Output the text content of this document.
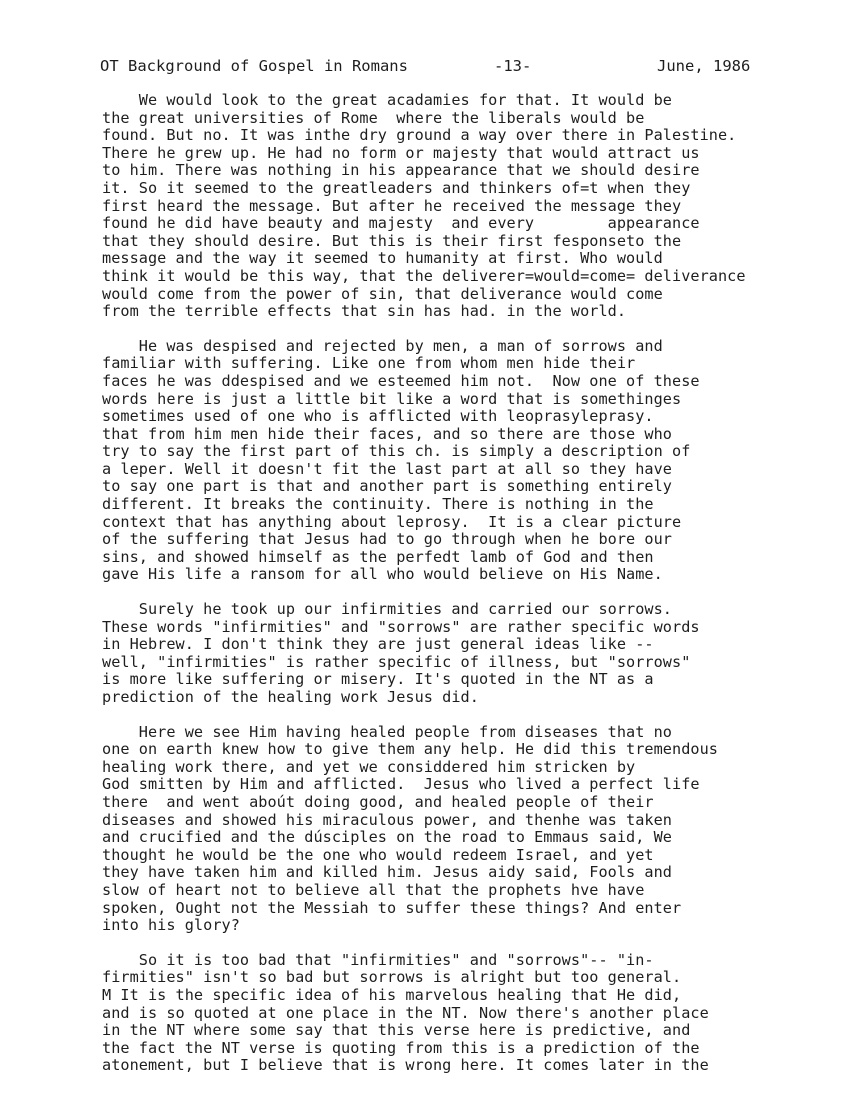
OT Background of Gospel in Romans	-13-	June, 1986
We would look to the great acadamies for that. It would be
the great universities of Rome  where the liberals would be
found. But no. It was inthe dry ground a way over there in Palestine.
There he grew up. He had no form or majesty that would attract us
to him. There was nothing in his appearance that we should desire
it. So it seemed to the greatleaders and thinkers of=t when they
first heard the message. But after he received the message they
found he did have beauty and majesty  and every        appearance
that they should desire. But this is their first fesponseto the
message and the way it seemed to humanity at first. Who would
think it would be this way, that the deliverer=would=come= deliverance
would come from the power of sin, that deliverance would come
from the terrible effects that sin has had. in the world.
He was despised and rejected by men, a man of sorrows and
familiar with suffering. Like one from whom men hide their
faces he was ddespised and we esteemed him not.  Now one of these
words here is just a little bit like a word that is somethinges
sometimes used of one who is afflicted with leoprasyleprasy.
that from him men hide their faces, and so there are those who
try to say the first part of this ch. is simply a description of
a leper. Well it doesn't fit the last part at all so they have
to say one part is that and another part is something entirely
different. It breaks the continuity. There is nothing in the
context that has anything about leprosy.  It is a clear picture
of the suffering that Jesus had to go through when he bore our
sins, and showed himself as the perfedt lamb of God and then
gave His life a ransom for all who would believe on His Name.
Surely he took up our infirmities and carried our sorrows.
These words "infirmities" and "sorrows" are rather specific words
in Hebrew. I don't think they are just general ideas like --
well, "infirmities" is rather specific of illness, but "sorrows"
is more like suffering or misery. It's quoted in the NT as a
prediction of the healing work Jesus did.
Here we see Him having healed people from diseases that no
one on earth knew how to give them any help. He did this tremendous
healing work there, and yet we considdered him stricken by
God smitten by Him and afflicted.  Jesus who lived a perfect life
there  and went aboút doing good, and healed people of their
diseases and showed his miraculous power, and thenhe was taken
and crucified and the dúsciples on the road to Emmaus said, We
thought he would be the one who would redeem Israel, and yet
they have taken him and killed him. Jesus aidy said, Fools and
slow of heart not to believe all that the prophets hve have
spoken, Ought not the Messiah to suffer these things? And enter
into his glory?
So it is too bad that "infirmities" and "sorrows"-- "in-
firmities" isn't so bad but sorrows is alright but too general.
M It is the specific idea of his marvelous healing that He did,
and is so quoted at one place in the NT. Now there's another place
in the NT where some say that this verse here is predictive, and
the fact the NT verse is quoting from this is a prediction of the
atonement, but I believe that is wrong here. It comes later in the
